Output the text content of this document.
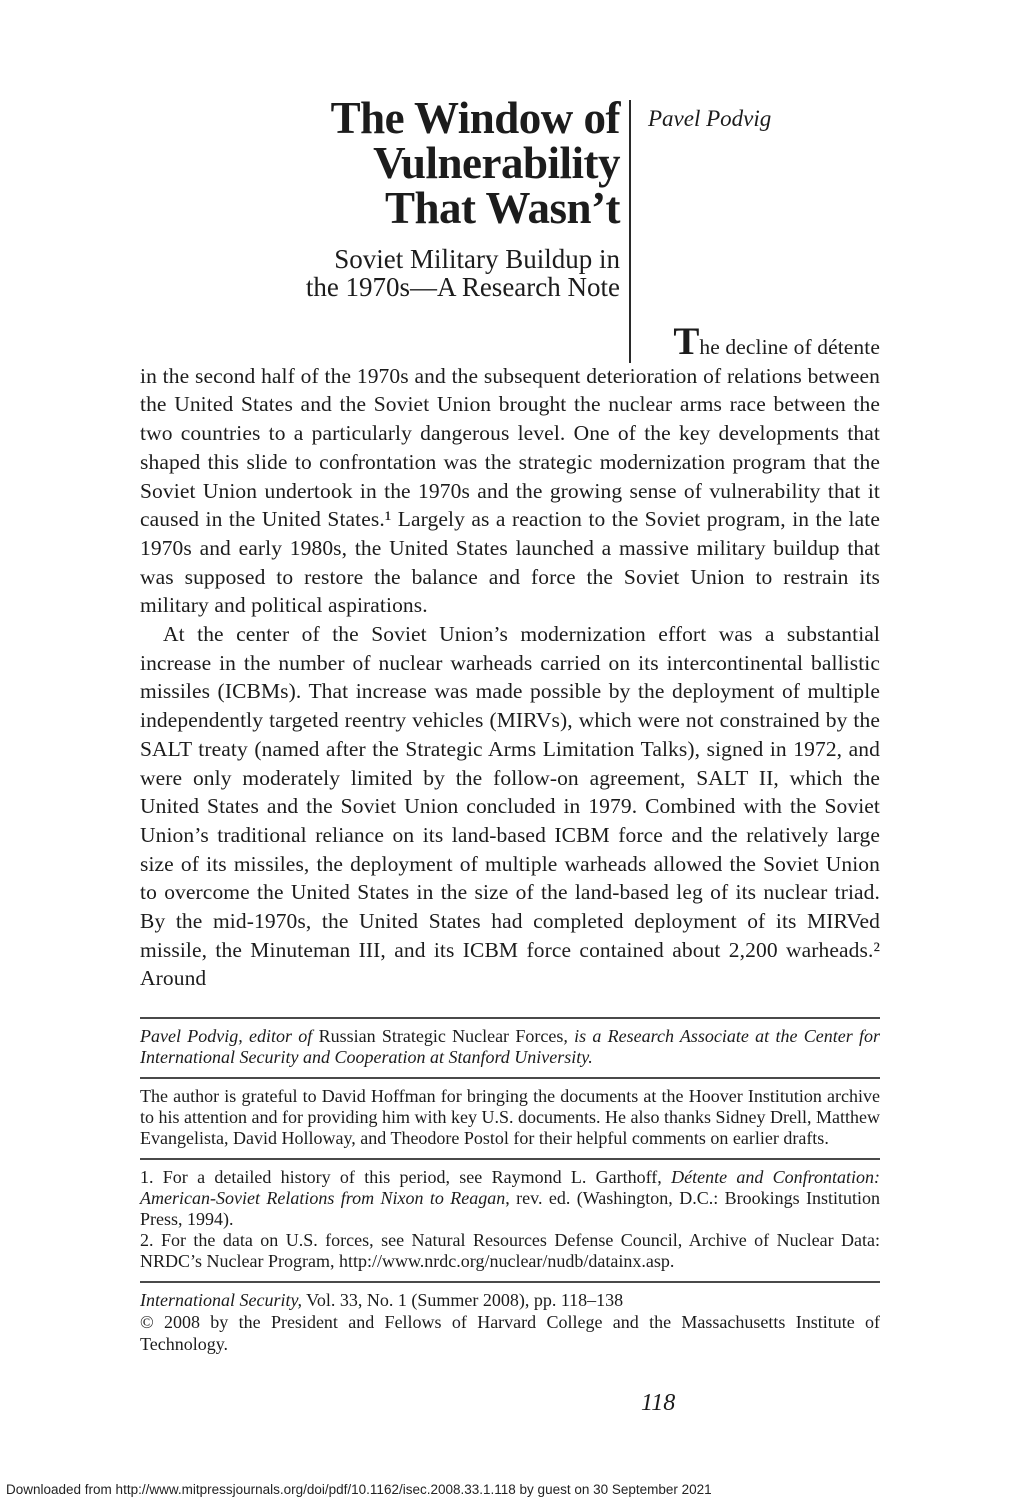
The Window of
Vulnerability
That Wasn’t
Soviet Military Buildup in
the 1970s—A Research Note
Pavel Podvig

The decline of détente

in the second half of the 1970s and the subsequent deterioration of relations between the United States and the Soviet Union brought the nuclear arms race between the two countries to a particularly dangerous level. One of the key developments that shaped this slide to confrontation was the strategic modernization program that the Soviet Union undertook in the 1970s and the growing sense of vulnerability that it caused in the United States.¹ Largely as a reaction to the Soviet program, in the late 1970s and early 1980s, the United States launched a massive military buildup that was supposed to restore the balance and force the Soviet Union to restrain its military and political aspirations.

At the center of the Soviet Union’s modernization effort was a substantial increase in the number of nuclear warheads carried on its intercontinental ballistic missiles (ICBMs). That increase was made possible by the deployment of multiple independently targeted reentry vehicles (MIRVs), which were not constrained by the SALT treaty (named after the Strategic Arms Limitation Talks), signed in 1972, and were only moderately limited by the follow-on agreement, SALT II, which the United States and the Soviet Union concluded in 1979. Combined with the Soviet Union’s traditional reliance on its land-based ICBM force and the relatively large size of its missiles, the deployment of multiple warheads allowed the Soviet Union to overcome the United States in the size of the land-based leg of its nuclear triad. By the mid-1970s, the United States had completed deployment of its MIRVed missile, the Minuteman III, and its ICBM force contained about 2,200 warheads.² Around

Pavel Podvig, editor of Russian Strategic Nuclear Forces, is a Research Associate at the Center for International Security and Cooperation at Stanford University.
The author is grateful to David Hoffman for bringing the documents at the Hoover Institution archive to his attention and for providing him with key U.S. documents. He also thanks Sidney Drell, Matthew Evangelista, David Holloway, and Theodore Postol for their helpful comments on earlier drafts.

1. For a detailed history of this period, see Raymond L. Garthoff, Détente and Confrontation: American-Soviet Relations from Nixon to Reagan, rev. ed. (Washington, D.C.: Brookings Institution Press, 1994).

2. For the data on U.S. forces, see Natural Resources Defense Council, Archive of Nuclear Data: NRDC’s Nuclear Program, http://www.nrdc.org/nuclear/nudb/datainx.asp.

International Security, Vol. 33, No. 1 (Summer 2008), pp. 118–138

© 2008 by the President and Fellows of Harvard College and the Massachusetts Institute of Technology.

118
Downloaded from http://www.mitpressjournals.org/doi/pdf/10.1162/isec.2008.33.1.118 by guest on 30 September 2021
